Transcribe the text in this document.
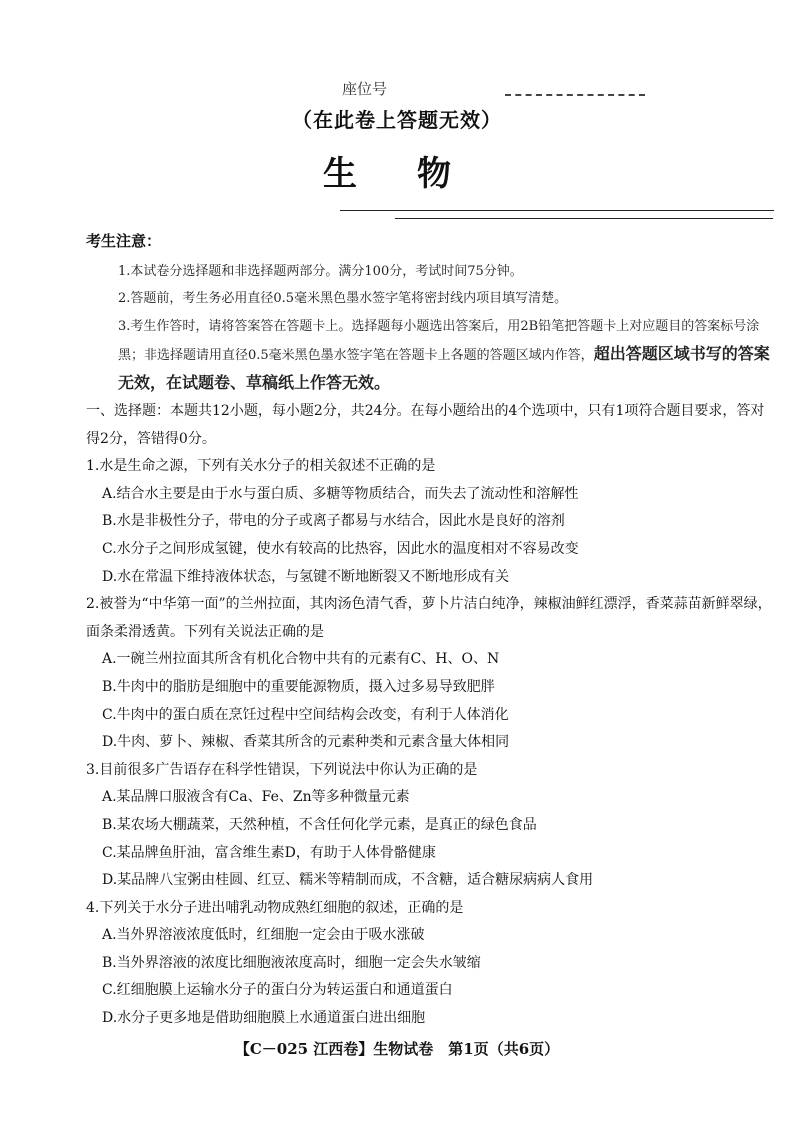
座位号
（在此卷上答题无效）
生物
考生注意：
1.本试卷分选择题和非选择题两部分。满分100分，考试时间75分钟。
2.答题前，考生务必用直径0.5毫米黑色墨水签字笔将密封线内项目填写清楚。
3.考生作答时，请将答案答在答题卡上。选择题每小题选出答案后，用2B铅笔把答题卡上对应题目的答案标号涂黑；非选择题请用直径0.5毫米黑色墨水签字笔在答题卡上各题的答题区域内作答，超出答题区域书写的答案无效，在试题卷、草稿纸上作答无效。

一、选择题：本题共12小题，每小题2分，共24分。在每小题给出的4个选项中，只有1项符合题目要求，答对得2分，答错得0分。

1.水是生命之源，下列有关水分子的相关叙述不正确的是

A.结合水主要是由于水与蛋白质、多糖等物质结合，而失去了流动性和溶解性

B.水是非极性分子，带电的分子或离子都易与水结合，因此水是良好的溶剂

C.水分子之间形成氢键，使水有较高的比热容，因此水的温度相对不容易改变

D.水在常温下维持液体状态，与氢键不断地断裂又不断地形成有关

2.被誉为“中华第一面”的兰州拉面，其肉汤色清气香，萝卜片洁白纯净，辣椒油鲜红漂浮，香菜蒜苗新鲜翠绿，面条柔滑透黄。下列有关说法正确的是

A.一碗兰州拉面其所含有机化合物中共有的元素有C、H、O、N

B.牛肉中的脂肪是细胞中的重要能源物质，摄入过多易导致肥胖

C.牛肉中的蛋白质在烹饪过程中空间结构会改变，有利于人体消化

D.牛肉、萝卜、辣椒、香菜其所含的元素种类和元素含量大体相同

3.目前很多广告语存在科学性错误，下列说法中你认为正确的是

A.某品牌口服液含有Ca、Fe、Zn等多种微量元素

B.某农场大棚蔬菜，天然种植，不含任何化学元素，是真正的绿色食品

C.某品牌鱼肝油，富含维生素D，有助于人体骨骼健康

D.某品牌八宝粥由桂圆、红豆、糯米等精制而成，不含糖，适合糖尿病病人食用

4.下列关于水分子进出哺乳动物成熟红细胞的叙述，正确的是

A.当外界溶液浓度低时，红细胞一定会由于吸水涨破

B.当外界溶液的浓度比细胞液浓度高时，细胞一定会失水皱缩

C.红细胞膜上运输水分子的蛋白分为转运蛋白和通道蛋白

D.水分子更多地是借助细胞膜上水通道蛋白进出细胞

【C－025 江西卷】生物试卷　第1页（共6页）
